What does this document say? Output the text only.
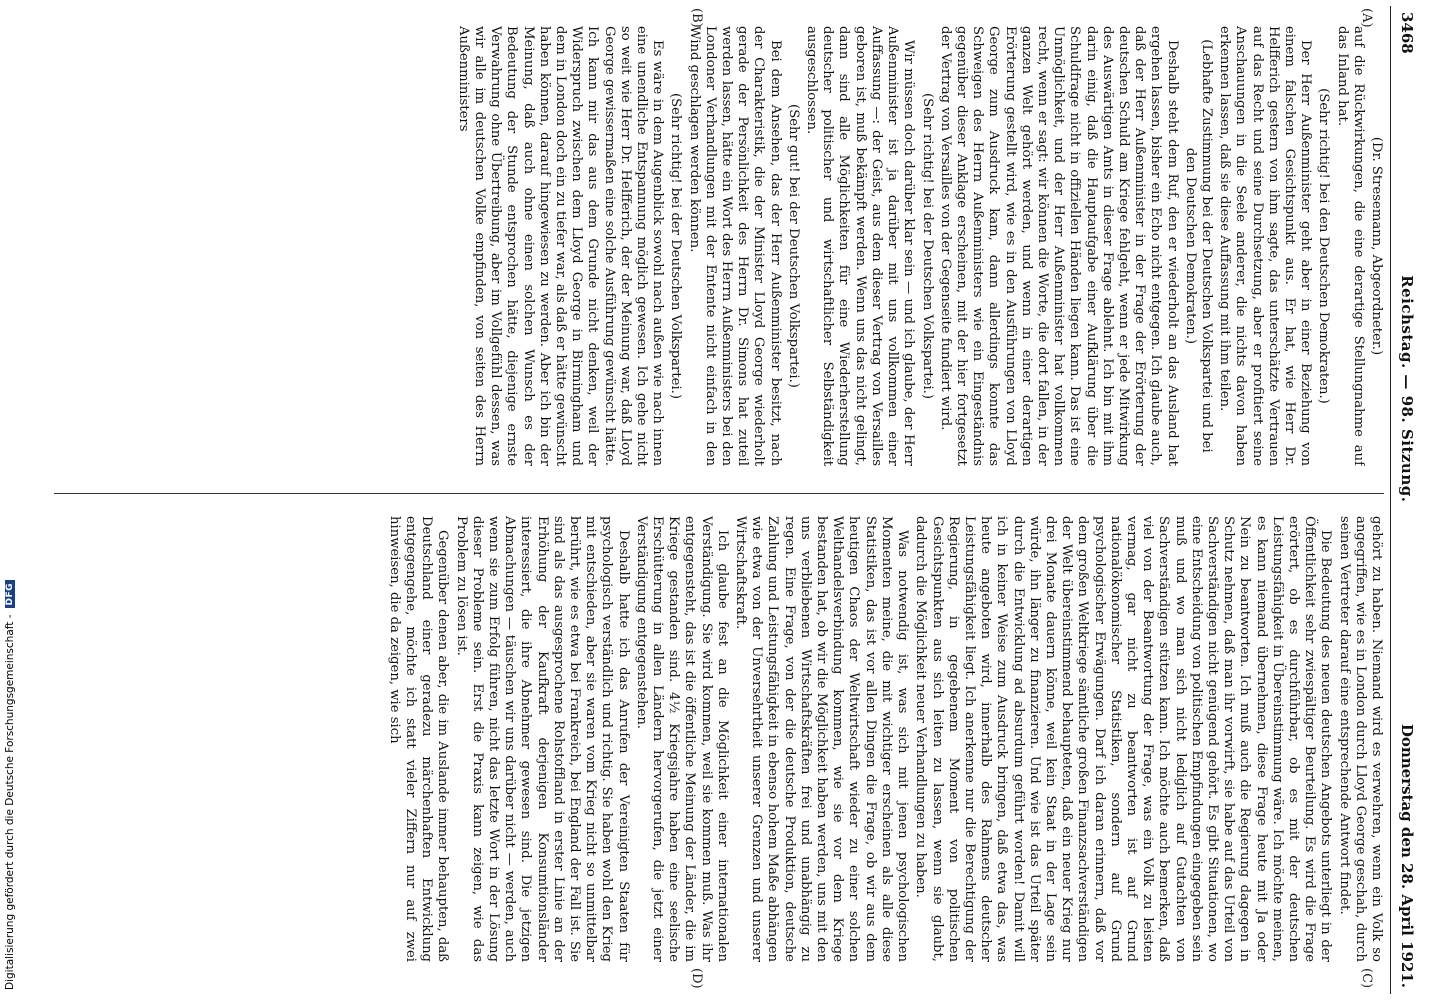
Digitalisierung gefördert durch die Deutsche Forschungsgemeinschaft -
DFG
3468
Reichstag. — 98. Sitzung.
Donnerstag den 28. April 1921.
(A)
(B)
(C)
(D)

(Dr. Stresemann, Abgeordneter.)

auf die Rückwirkungen, die eine derartige Stellungnahme auf das Inland hat.

(Sehr richtig! bei den Deutschen Demokraten.)

Der Herr Außenminister geht aber in einer Beziehung von einem falschen Gesichtspunkt aus. Er hat, wie Herr Dr. Helfferich gestern von ihm sagte, das unterschätzte Vertrauen auf das Recht und seine Durchsetzung, aber er profitiert seine Anschauungen in die Seele anderer, die nichts davon haben erkennen lassen, daß sie diese Auffassung mit ihm teilen.

(Lebhafte Zustimmung bei der Deutschen Volkspartei und bei den Deutschen Demokraten.)

Deshalb steht dem Ruf, den er wiederholt an das Ausland hat ergehen lassen, bisher ein Echo nicht entgegen. Ich glaube auch, daß der Herr Außenminister in der Frage der Erörterung der deutschen Schuld am Kriege fehlgeht, wenn er jede Mitwirkung des Auswärtigen Amts in dieser Frage ablehnt. Ich bin mit ihm darin einig, daß die Hauptaufgabe einer Aufklärung über die Schuldfrage nicht in offiziellen Händen liegen kann. Das ist eine Unmöglichkeit, und der Herr Außenminister hat vollkommen recht, wenn er sagt: wir können die Worte, die dort fallen, in der ganzen Welt gehört werden, und wenn in einer derartigen Erörterung gestellt wird, wie es in den Ausführungen von Lloyd George zum Ausdruck kam, dann allerdings konnte das Schweigen des Herrn Außenministers wie ein Eingeständnis gegenüber dieser Anklage erscheinen, mit der hier fortgesetzt der Vertrag von Versailles von der Gegenseite fundiert wird.

(Sehr richtig! bei der Deutschen Volkspartei.)

Wir müssen doch darüber klar sein — und ich glaube, der Herr Außenminister ist ja darüber mit uns vollkommen einer Auffassung —: der Geist, aus dem dieser Vertrag von Versailles geboren ist, muß bekämpft werden. Wenn uns das nicht gelingt, dann sind alle Möglichkeiten für eine Wiederherstellung deutscher politischer und wirtschaftlicher Selbständigkeit ausgeschlossen.

(Sehr gut! bei der Deutschen Volkspartei.)

Bei dem Ansehen, das der Herr Außenminister besitzt, nach der Charakteristik, die der Minister Lloyd George wiederholt gerade der Persönlichkeit des Herrn Dr. Simons hat zuteil werden lassen, hätte ein Wort des Herrn Außenministers bei den Londoner Verhandlungen mit der Entente nicht einfach in den Wind geschlagen werden können.

(Sehr richtig! bei der Deutschen Volkspartei.)

Es wäre in dem Augenblick sowohl nach außen wie nach innen eine unendliche Entspannung möglich gewesen. Ich gehe nicht so weit wie Herr Dr. Helfferich, der der Meinung war, daß Lloyd George gewissermaßen eine solche Ausführung gewünscht hätte. Ich kann mir das aus dem Grunde nicht denken, weil der Widerspruch zwischen dem Lloyd George in Birmingham und dem in London doch ein zu tiefer war, als daß er hätte gewünscht haben können, darauf hingewiesen zu werden. Aber ich bin der Meinung, daß auch ohne einen solchen Wunsch es der Bedeutung der Stunde entsprochen hätte, diejenige ernste Verwahrung ohne Übertreibung, aber im Vollgefühl dessen, was wir alle im deutschen Volke empfinden, von seiten des Herrn Außenministers

gehört zu haben. Niemand wird es verwehren, wenn ein Volk so angegriffen, wie es in London durch Lloyd George geschah, durch seinen Vertreter darauf eine entsprechende Antwort findet.

Die Bedeutung des neuen deutschen Angebots unterliegt in der Öffentlichkeit sehr zwiespältiger Beurteilung. Es wird die Frage erörtert, ob es durchführbar, ob es mit der deutschen Leistungsfähigkeit in Übereinstimmung wäre. Ich möchte meinen, es kann niemand übernehmen, diese Frage heute mit Ja oder Nein zu beantworten. Ich muß auch die Regierung dagegen in Schutz nehmen, daß man ihr vorwirft, sie habe auf das Urteil von Sachverständigen nicht genügend gehört. Es gibt Situationen, wo eine Entscheidung von politischen Empfindungen eingegeben sein muß und wo man sich nicht lediglich auf Gutachten von Sachverständigen stützen kann. Ich möchte auch bemerken, daß viel von der Beantwortung der Frage, was ein Volk zu leisten vermag, gar nicht zu beantworten ist auf Grund nationalökonomischer Statistiken, sondern auf Grund psychologischer Erwägungen. Darf ich daran erinnern, daß vor dem großen Weltkriege sämtliche großen Finanzsachverständigen der Welt übereinstimmend behaupteten, daß ein neuer Krieg nur drei Monate dauern könne, weil kein Staat in der Lage sein würde, ihn länger zu finanzieren. Und wie ist das Urteil später durch die Entwicklung ad absurdum geführt worden! Damit will ich in keiner Weise zum Ausdruck bringen, daß etwa das, was heute angeboten wird, innerhalb des Rahmens deutscher Leistungsfähigkeit liegt. Ich anerkenne nur die Berechtigung der Regierung, in gegebenem Moment von politischen Gesichtspunkten aus sich leiten zu lassen, wenn sie glaubt, dadurch die Möglichkeit neuer Verhandlungen zu haben.

Was notwendig ist, was sich mit jenen psychologischen Momenten meine, die mit wichtiger erscheinen als alle diese Statistiken, das ist vor allen Dingen die Frage, ob wir aus dem heutigen Chaos der Weltwirtschaft wieder zu einer solchen Welthandelsverbindung kommen, wie sie vor dem Kriege bestanden hat, ob wir die Möglichkeit haben werden, uns mit den uns verbliebenen Wirtschaftskräften frei und unabhängig zu regen. Eine Frage, von der die deutsche Produktion, deutsche Zahlung und Leistungsfähigkeit in ebenso hohem Maße abhängen wie etwa von der Unversehrtheit unserer Grenzen und unserer Wirtschaftskraft.

Ich glaube fest an die Möglichkeit einer internationalen Verständigung. Sie wird kommen, weil sie kommen muß. Was ihr entgegensteht, das ist die öffentliche Meinung der Länder, die im Kriege gestanden sind. 4½ Kriegsjahre haben eine seelische Erschütterung in allen Ländern hervorgerufen, die jetzt einer Verständigung entgegenstehen.

Deshalb hatte ich das Anrufen der Vereinigten Staaten für psychologisch verständlich und richtig. Sie haben wohl den Krieg mit entschieden, aber sie waren vom Krieg nicht so unmittelbar berührt, wie es etwa bei Frankreich, bei England der Fall ist. Sie sind als das ausgesprochene Rohstoffland in erster Linie an der Erhöhung der Kaufkraft derjenigen Konsumtionsländer interessiert, die ihre Abnehmer gewesen sind. Die jetzigen Abmachungen — täuschen wir uns darüber nicht — werden, auch wenn sie zum Erfolg führen, nicht das letzte Wort in der Lösung dieser Probleme sein. Erst die Praxis kann zeigen, wie das Problem zu lösen ist.

Gegenüber denen aber, die im Auslande immer behaupten, daß Deutschland einer geradezu märchenhaften Entwicklung entgegengehe, möchte ich statt vieler Ziffern nur auf zwei hinweisen, die da zeigen, wie sich
